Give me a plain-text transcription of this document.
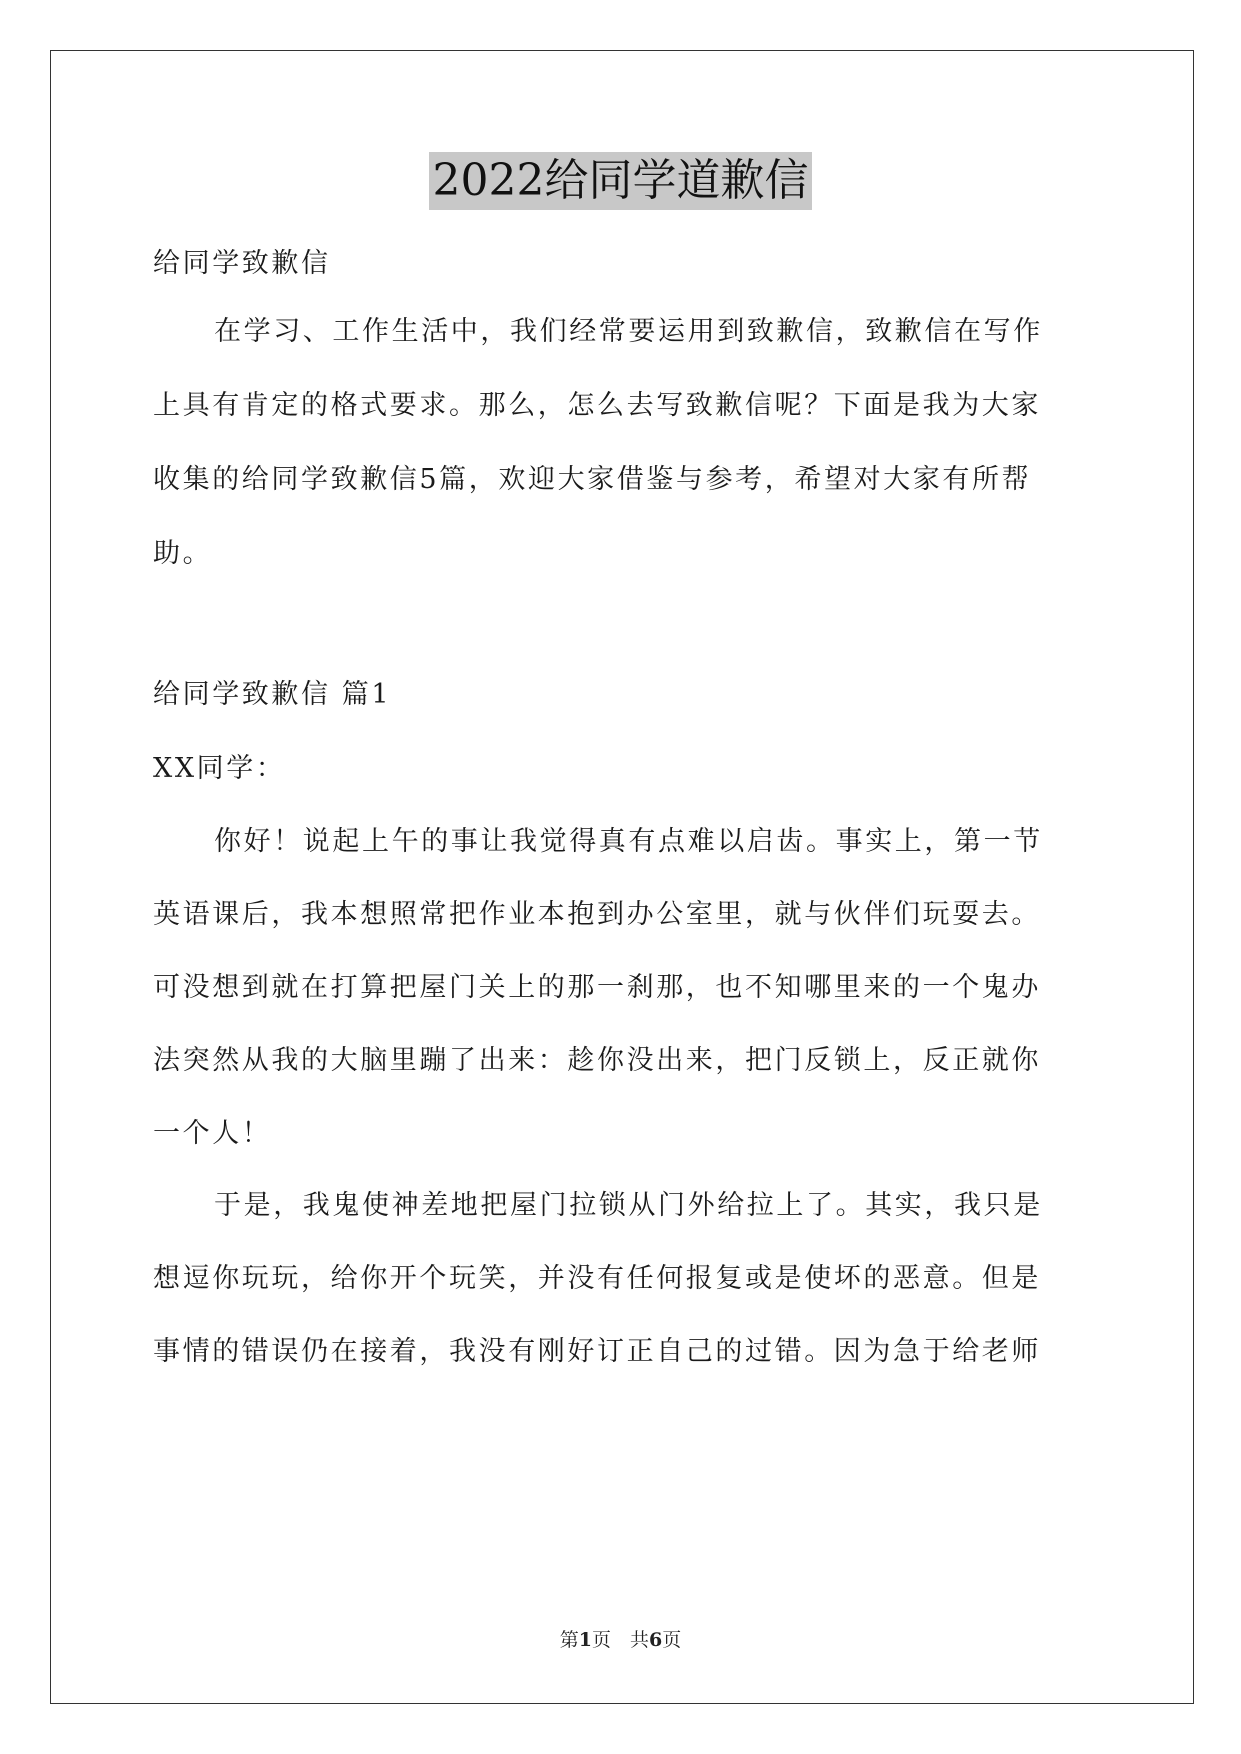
2022给同学道歉信
给同学致歉信
在学习、工作生活中，我们经常要运用到致歉信，致歉信在写作
上具有肯定的格式要求。那么，怎么去写致歉信呢？下面是我为大家
收集的给同学致歉信5篇，欢迎大家借鉴与参考，希望对大家有所帮
助。
给同学致歉信 篇1
XX同学：
你好！说起上午的事让我觉得真有点难以启齿。事实上，第一节
英语课后，我本想照常把作业本抱到办公室里，就与伙伴们玩耍去。
可没想到就在打算把屋门关上的那一刹那，也不知哪里来的一个鬼办
法突然从我的大脑里蹦了出来：趁你没出来，把门反锁上，反正就你
一个人！
于是，我鬼使神差地把屋门拉锁从门外给拉上了。其实，我只是
想逗你玩玩，给你开个玩笑，并没有任何报复或是使坏的恶意。但是
事情的错误仍在接着，我没有刚好订正自己的过错。因为急于给老师
第1页　共6页
